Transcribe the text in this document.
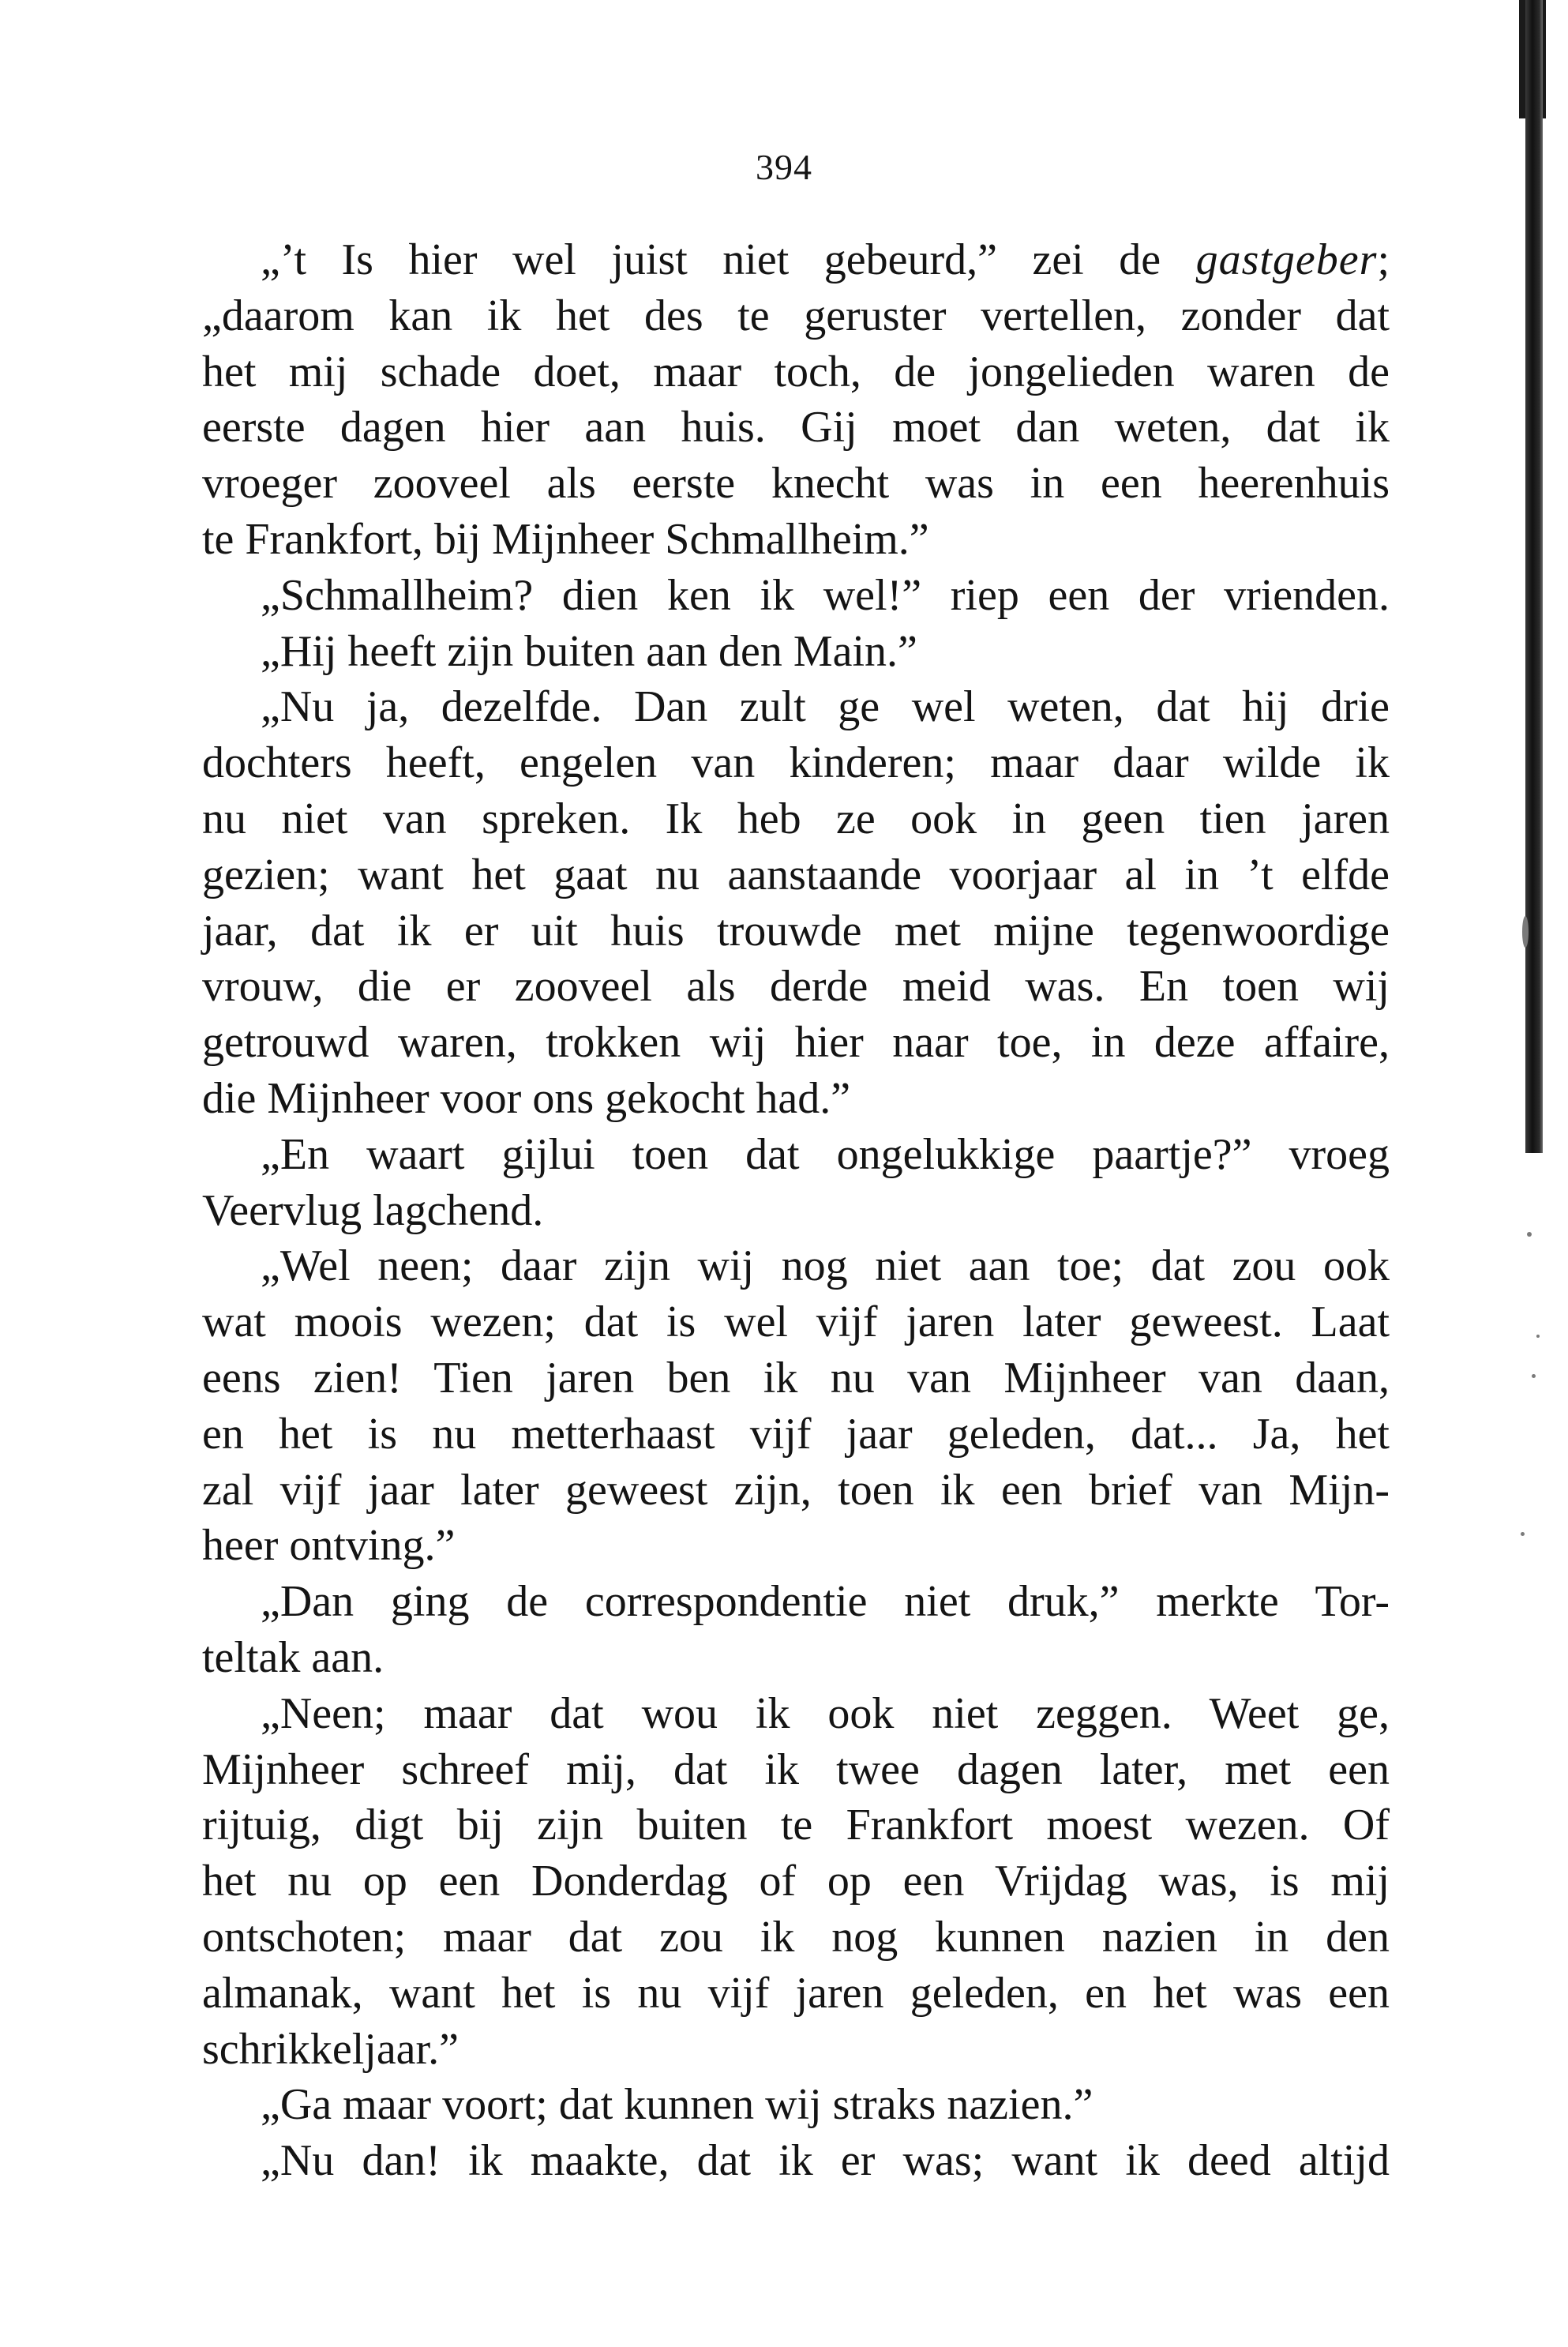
394
„’t Is hier wel juist niet gebeurd,” zei de gastgeber;
„daarom kan ik het des te geruster vertellen, zonder dat
het mij schade doet, maar toch, de jongelieden waren de
eerste dagen hier aan huis. Gij moet dan weten, dat ik
vroeger zooveel als eerste knecht was in een heerenhuis
te Frankfort, bij Mijnheer Schmallheim.”
„Schmallheim? dien ken ik wel!” riep een der vrienden.
„Hij heeft zijn buiten aan den Main.”
„Nu ja, dezelfde. Dan zult ge wel weten, dat hij drie
dochters heeft, engelen van kinderen; maar daar wilde ik
nu niet van spreken. Ik heb ze ook in geen tien jaren
gezien; want het gaat nu aanstaande voorjaar al in ’t elfde
jaar, dat ik er uit huis trouwde met mijne tegenwoordige
vrouw, die er zooveel als derde meid was. En toen wij
getrouwd waren, trokken wij hier naar toe, in deze affaire,
die Mijnheer voor ons gekocht had.”
„En waart gijlui toen dat ongelukkige paartje?” vroeg
Veervlug lagchend.
„Wel neen; daar zijn wij nog niet aan toe; dat zou ook
wat moois wezen; dat is wel vijf jaren later geweest. Laat
eens zien! Tien jaren ben ik nu van Mijnheer van daan,
en het is nu metterhaast vijf jaar geleden, dat... Ja, het
zal vijf jaar later geweest zijn, toen ik een brief van Mijn-
heer ontving.”
„Dan ging de correspondentie niet druk,” merkte Tor-
teltak aan.
„Neen; maar dat wou ik ook niet zeggen. Weet ge,
Mijnheer schreef mij, dat ik twee dagen later, met een
rijtuig, digt bij zijn buiten te Frankfort moest wezen. Of
het nu op een Donderdag of op een Vrijdag was, is mij
ontschoten; maar dat zou ik nog kunnen nazien in den
almanak, want het is nu vijf jaren geleden, en het was een
schrikkeljaar.”
„Ga maar voort; dat kunnen wij straks nazien.”
„Nu dan! ik maakte, dat ik er was; want ik deed altijd
